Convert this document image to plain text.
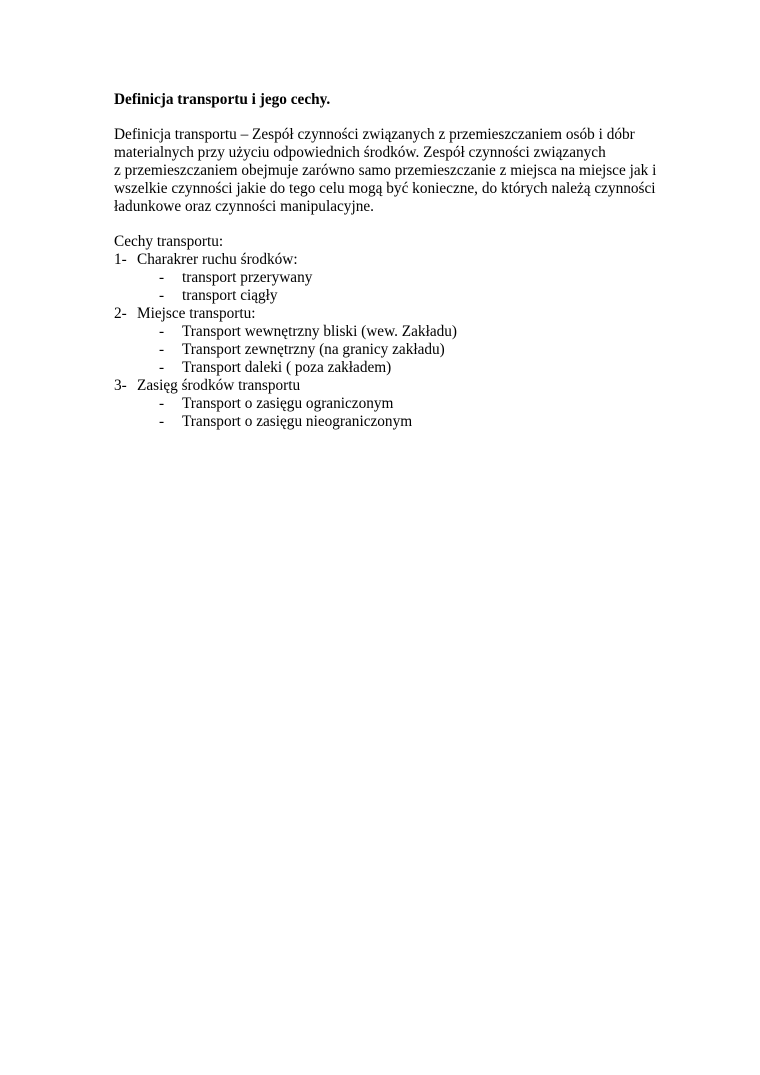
Definicja transportu i jego cechy.

Definicja transportu – Zespół czynności związanych z przemieszczaniem osób i dóbr
materialnych przy użyciu odpowiednich środków. Zespół czynności związanych
z przemieszczaniem obejmuje zarówno samo przemieszczanie z miejsca na miejsce jak i
wszelkie czynności jakie do tego celu mogą być konieczne, do których należą czynności
ładunkowe oraz czynności manipulacyjne.

Cechy transportu:

1- Charakrer ruchu środków:
- transport przerywany
- transport ciągły
2- Miejsce transportu:
- Transport wewnętrzny bliski (wew. Zakładu)
- Transport zewnętrzny (na granicy zakładu)
- Transport daleki ( poza zakładem)
3- Zasięg środków transportu
- Transport o zasięgu ograniczonym
- Transport o zasięgu nieograniczonym
